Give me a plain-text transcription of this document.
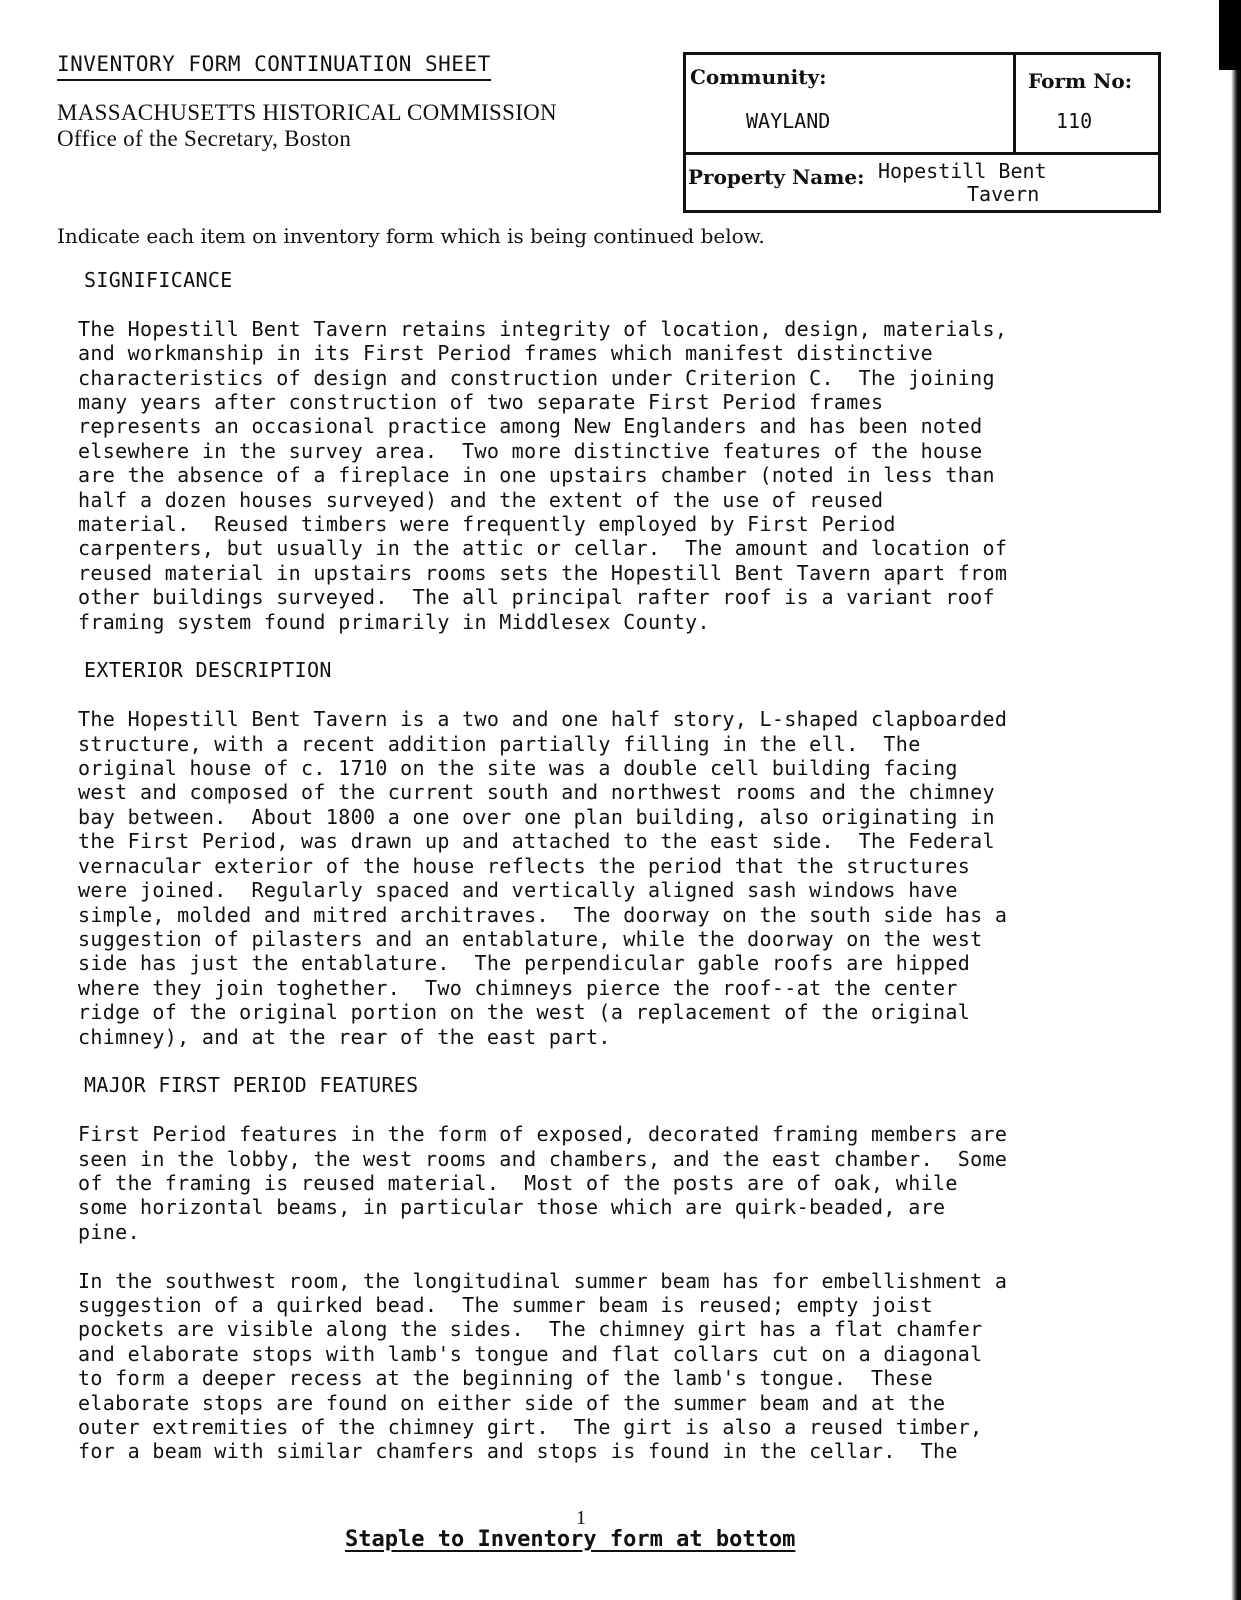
INVENTORY FORM CONTINUATION SHEET
MASSACHUSETTS HISTORICAL COMMISSION
Office of the Secretary, Boston
Community:
WAYLAND
Form No:
110
Property Name: Hopestill Bent
Tavern
Indicate each item on inventory form which is being continued below.
SIGNIFICANCE
The Hopestill Bent Tavern retains integrity of location, design, materials,
and workmanship in its First Period frames which manifest distinctive
characteristics of design and construction under Criterion C.  The joining
many years after construction of two separate First Period frames
represents an occasional practice among New Englanders and has been noted
elsewhere in the survey area.  Two more distinctive features of the house
are the absence of a fireplace in one upstairs chamber (noted in less than
half a dozen houses surveyed) and the extent of the use of reused
material.  Reused timbers were frequently employed by First Period
carpenters, but usually in the attic or cellar.  The amount and location of
reused material in upstairs rooms sets the Hopestill Bent Tavern apart from
other buildings surveyed.  The all principal rafter roof is a variant roof
framing system found primarily in Middlesex County.
EXTERIOR DESCRIPTION
The Hopestill Bent Tavern is a two and one half story, L-shaped clapboarded
structure, with a recent addition partially filling in the ell.  The
original house of c. 1710 on the site was a double cell building facing
west and composed of the current south and northwest rooms and the chimney
bay between.  About 1800 a one over one plan building, also originating in
the First Period, was drawn up and attached to the east side.  The Federal
vernacular exterior of the house reflects the period that the structures
were joined.  Regularly spaced and vertically aligned sash windows have
simple, molded and mitred architraves.  The doorway on the south side has a
suggestion of pilasters and an entablature, while the doorway on the west
side has just the entablature.  The perpendicular gable roofs are hipped
where they join toghether.  Two chimneys pierce the roof--at the center
ridge of the original portion on the west (a replacement of the original
chimney), and at the rear of the east part.
MAJOR FIRST PERIOD FEATURES
First Period features in the form of exposed, decorated framing members are
seen in the lobby, the west rooms and chambers, and the east chamber.  Some
of the framing is reused material.  Most of the posts are of oak, while
some horizontal beams, in particular those which are quirk-beaded, are
pine.
In the southwest room, the longitudinal summer beam has for embellishment a
suggestion of a quirked bead.  The summer beam is reused; empty joist
pockets are visible along the sides.  The chimney girt has a flat chamfer
and elaborate stops with lamb's tongue and flat collars cut on a diagonal
to form a deeper recess at the beginning of the lamb's tongue.  These
elaborate stops are found on either side of the summer beam and at the
outer extremities of the chimney girt.  The girt is also a reused timber,
for a beam with similar chamfers and stops is found in the cellar.  The
1
Staple to Inventory form at bottom
